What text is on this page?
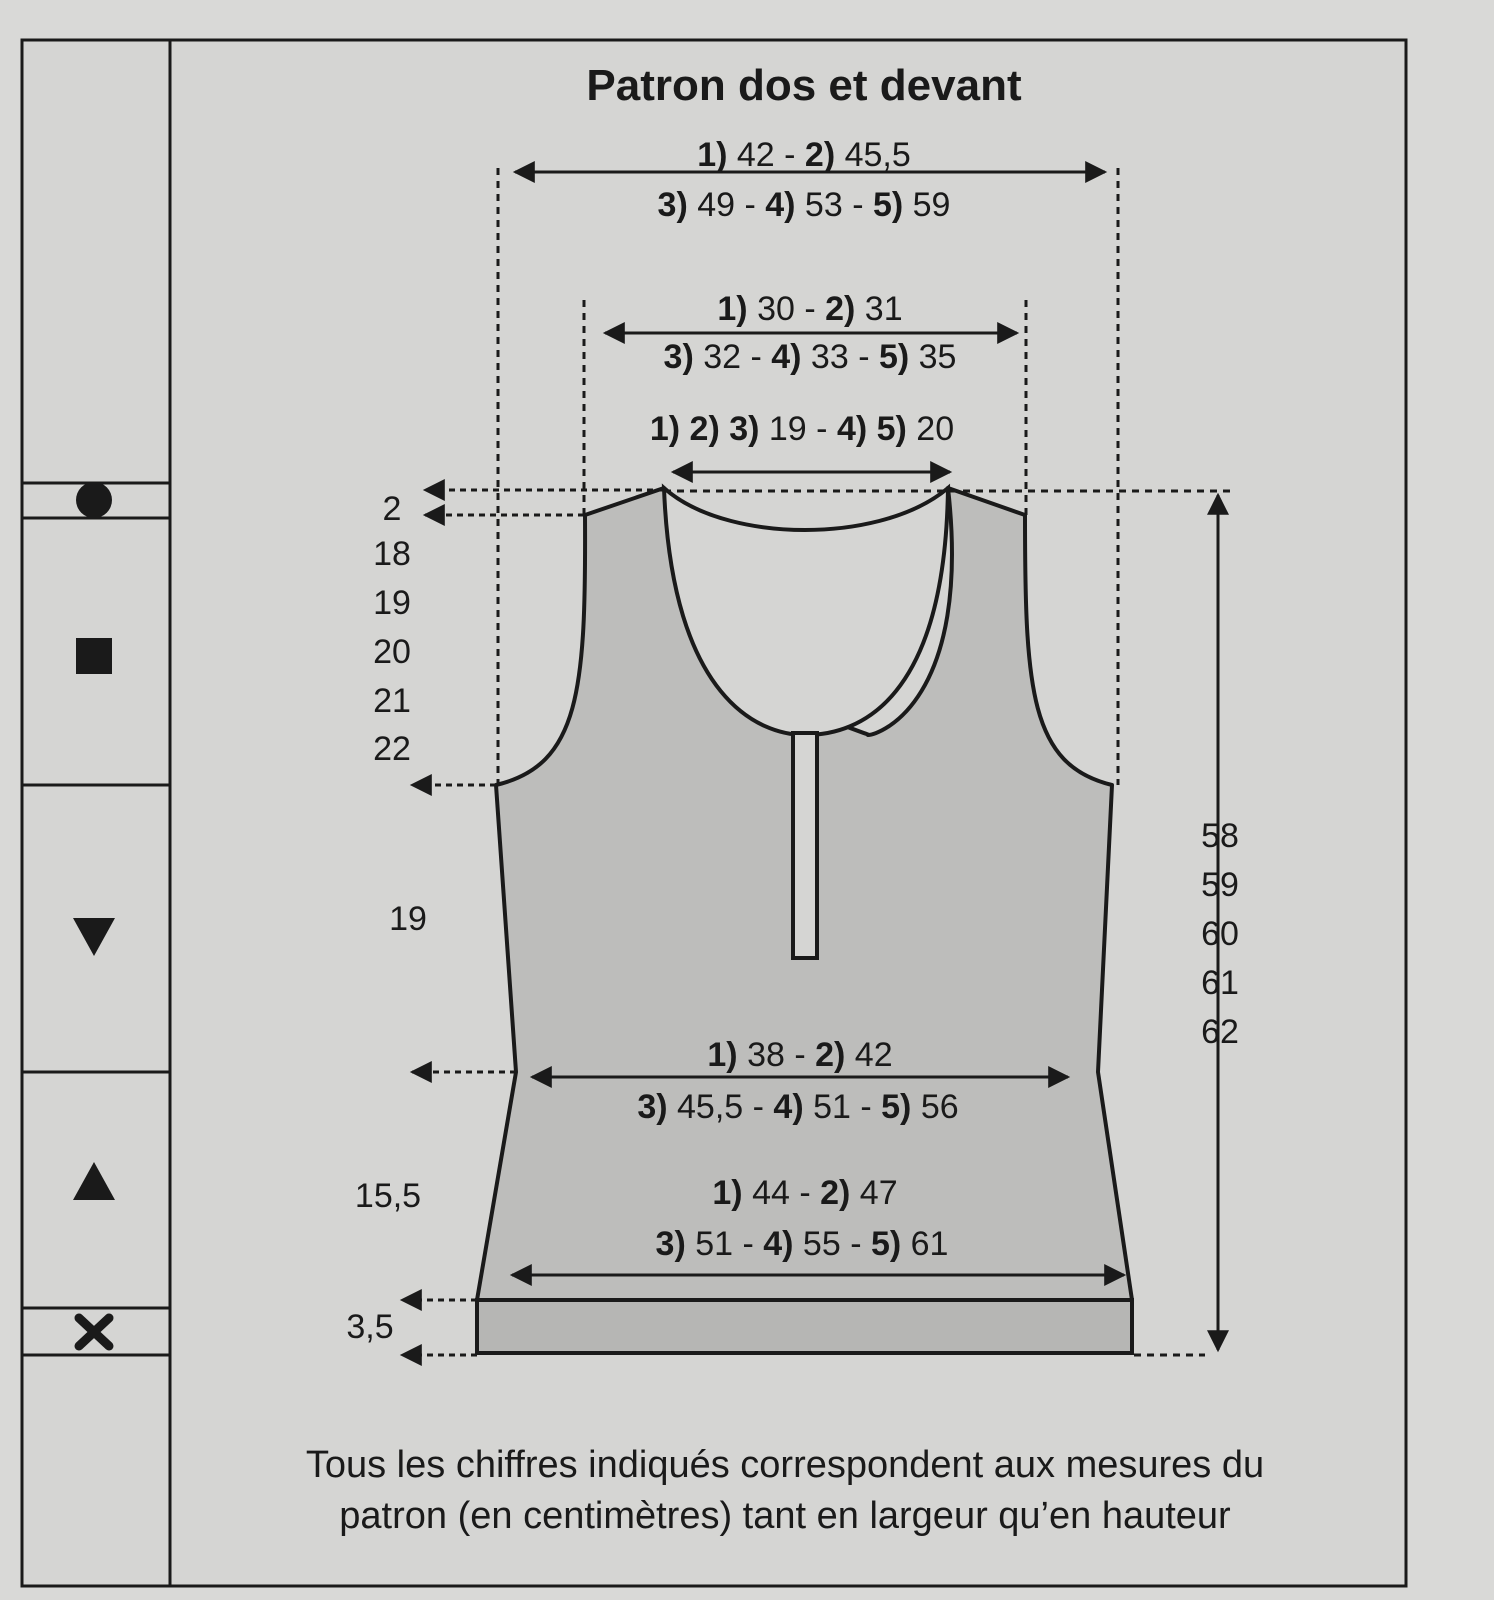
Patron dos et devant
1) 42 - 2) 45,5
3) 49 - 4) 53 - 5) 59
1) 30 - 2) 31
3) 32 - 4) 33 - 5) 35
1) 2) 3) 19 - 4) 5) 20
1) 38 - 2) 42
3) 45,5 - 4) 51 - 5) 56
1) 44 - 2) 47
3) 51 - 4) 55 - 5) 61
2
18
19
20
21
22
19
15,5
3,5
58
59
60
61
62
Tous les chiffres indiqués correspondent aux mesures du
patron (en centimètres) tant en largeur qu’en hauteur
